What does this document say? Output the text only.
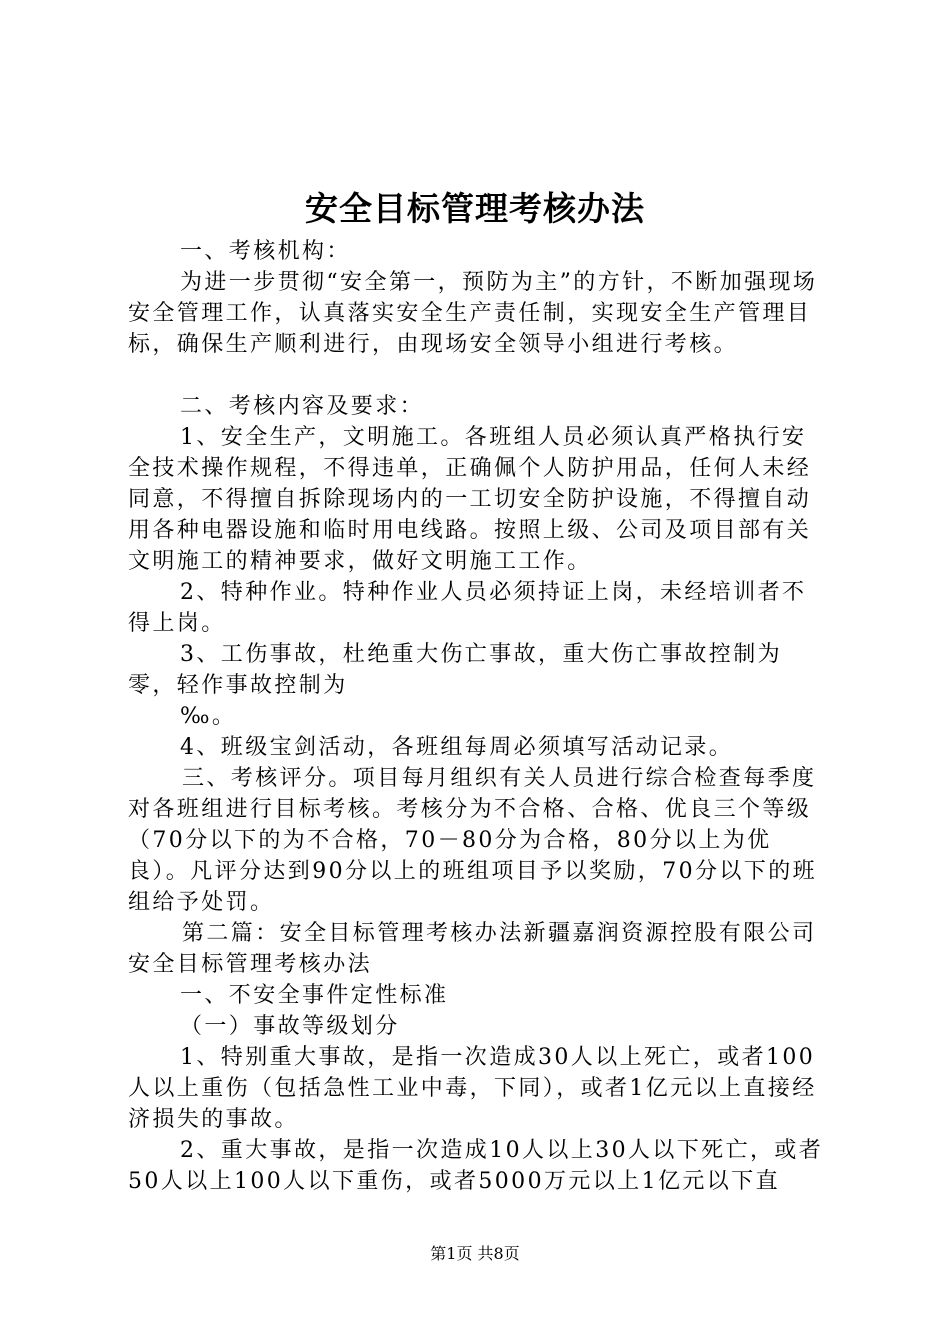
安全目标管理考核办法

一、考核机构：

为进一步贯彻“安全第一，预防为主”的方针，不断加强现场安全管理工作，认真落实安全生产责任制，实现安全生产管理目标，确保生产顺利进行，由现场安全领导小组进行考核。

二、考核内容及要求：

1、安全生产，文明施工。各班组人员必须认真严格执行安全技术操作规程，不得违单，正确佩个人防护用品，任何人未经同意，不得擅自拆除现场内的一工切安全防护设施，不得擅自动用各种电器设施和临时用电线路。按照上级、公司及项目部有关文明施工的精神要求，做好文明施工工作。

2、特种作业。特种作业人员必须持证上岗，未经培训者不得上岗。

3、工伤事故，杜绝重大伤亡事故，重大伤亡事故控制为零，轻作事故控制为

‰。

4、班级宝剑活动，各班组每周必须填写活动记录。

三、考核评分。项目每月组织有关人员进行综合检查每季度对各班组进行目标考核。考核分为不合格、合格、优良三个等级（70分以下的为不合格，70－80分为合格，80分以上为优良）。凡评分达到90分以上的班组项目予以奖励，70分以下的班组给予处罚。

第二篇：安全目标管理考核办法新疆嘉润资源控股有限公司安全目标管理考核办法

一、不安全事件定性标准

（一）事故等级划分

1、特别重大事故，是指一次造成30人以上死亡，或者100人以上重伤（包括急性工业中毒，下同），或者1亿元以上直接经济损失的事故。

2、重大事故，是指一次造成10人以上30人以下死亡，或者50人以上100人以下重伤，或者5000万元以上1亿元以下直

第1页 共8页
